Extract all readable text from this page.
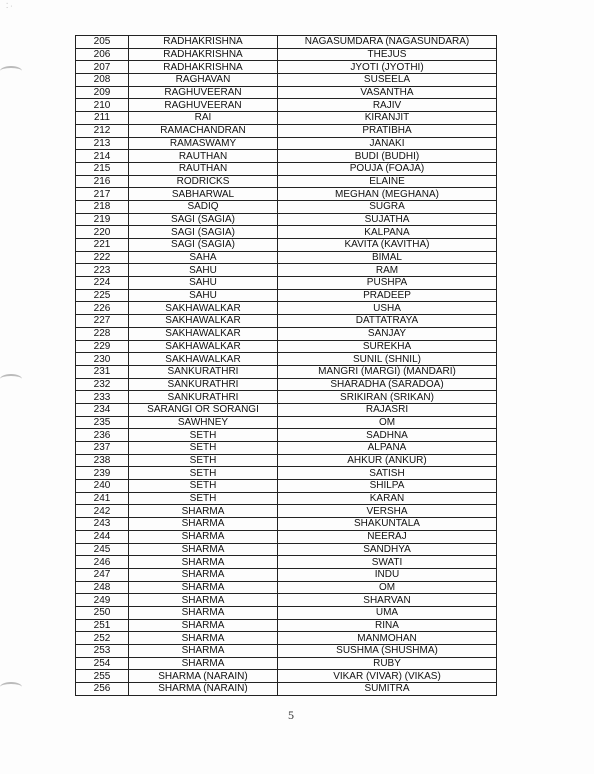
⁚ ·
205	RADHAKRISHNA	NAGASUMDARA (NAGASUNDARA)
206	RADHAKRISHNA	THEJUS
207	RADHAKRISHNA	JYOTI (JYOTHI)
208	RAGHAVAN	SUSEELA
209	RAGHUVEERAN	VASANTHA
210	RAGHUVEERAN	RAJIV
211	RAI	KIRANJIT
212	RAMACHANDRAN	PRATIBHA
213	RAMASWAMY	JANAKI
214	RAUTHAN	BUDI (BUDHI)
215	RAUTHAN	POUJA (FOAJA)
216	RODRICKS	ELAINE
217	SABHARWAL	MEGHAN (MEGHANA)
218	SADIQ	SUGRA
219	SAGI (SAGIA)	SUJATHA
220	SAGI (SAGIA)	KALPANA
221	SAGI (SAGIA)	KAVITA (KAVITHA)
222	SAHA	BIMAL
223	SAHU	RAM
224	SAHU	PUSHPA
225	SAHU	PRADEEP
226	SAKHAWALKAR	USHA
227	SAKHAWALKAR	DATTATRAYA
228	SAKHAWALKAR	SANJAY
229	SAKHAWALKAR	SUREKHA
230	SAKHAWALKAR	SUNIL (SHNIL)
231	SANKURATHRI	MANGRI (MARGI) (MANDARI)
232	SANKURATHRI	SHARADHA (SARADOA)
233	SANKURATHRI	SRIKIRAN (SRIKAN)
234	SARANGI OR SORANGI	RAJASRI
235	SAWHNEY	OM
236	SETH	SADHNA
237	SETH	ALPANA
238	SETH	AHKUR (ANKUR)
239	SETH	SATISH
240	SETH	SHILPA
241	SETH	KARAN
242	SHARMA	VERSHA
243	SHARMA	SHAKUNTALA
244	SHARMA	NEERAJ
245	SHARMA	SANDHYA
246	SHARMA	SWATI
247	SHARMA	INDU
248	SHARMA	OM
249	SHARMA	SHARVAN
250	SHARMA	UMA
251	SHARMA	RINA
252	SHARMA	MANMOHAN
253	SHARMA	SUSHMA (SHUSHMA)
254	SHARMA	RUBY
255	SHARMA (NARAIN)	VIKAR (VIVAR) (VIKAS)
256	SHARMA (NARAIN)	SUMITRA
5
